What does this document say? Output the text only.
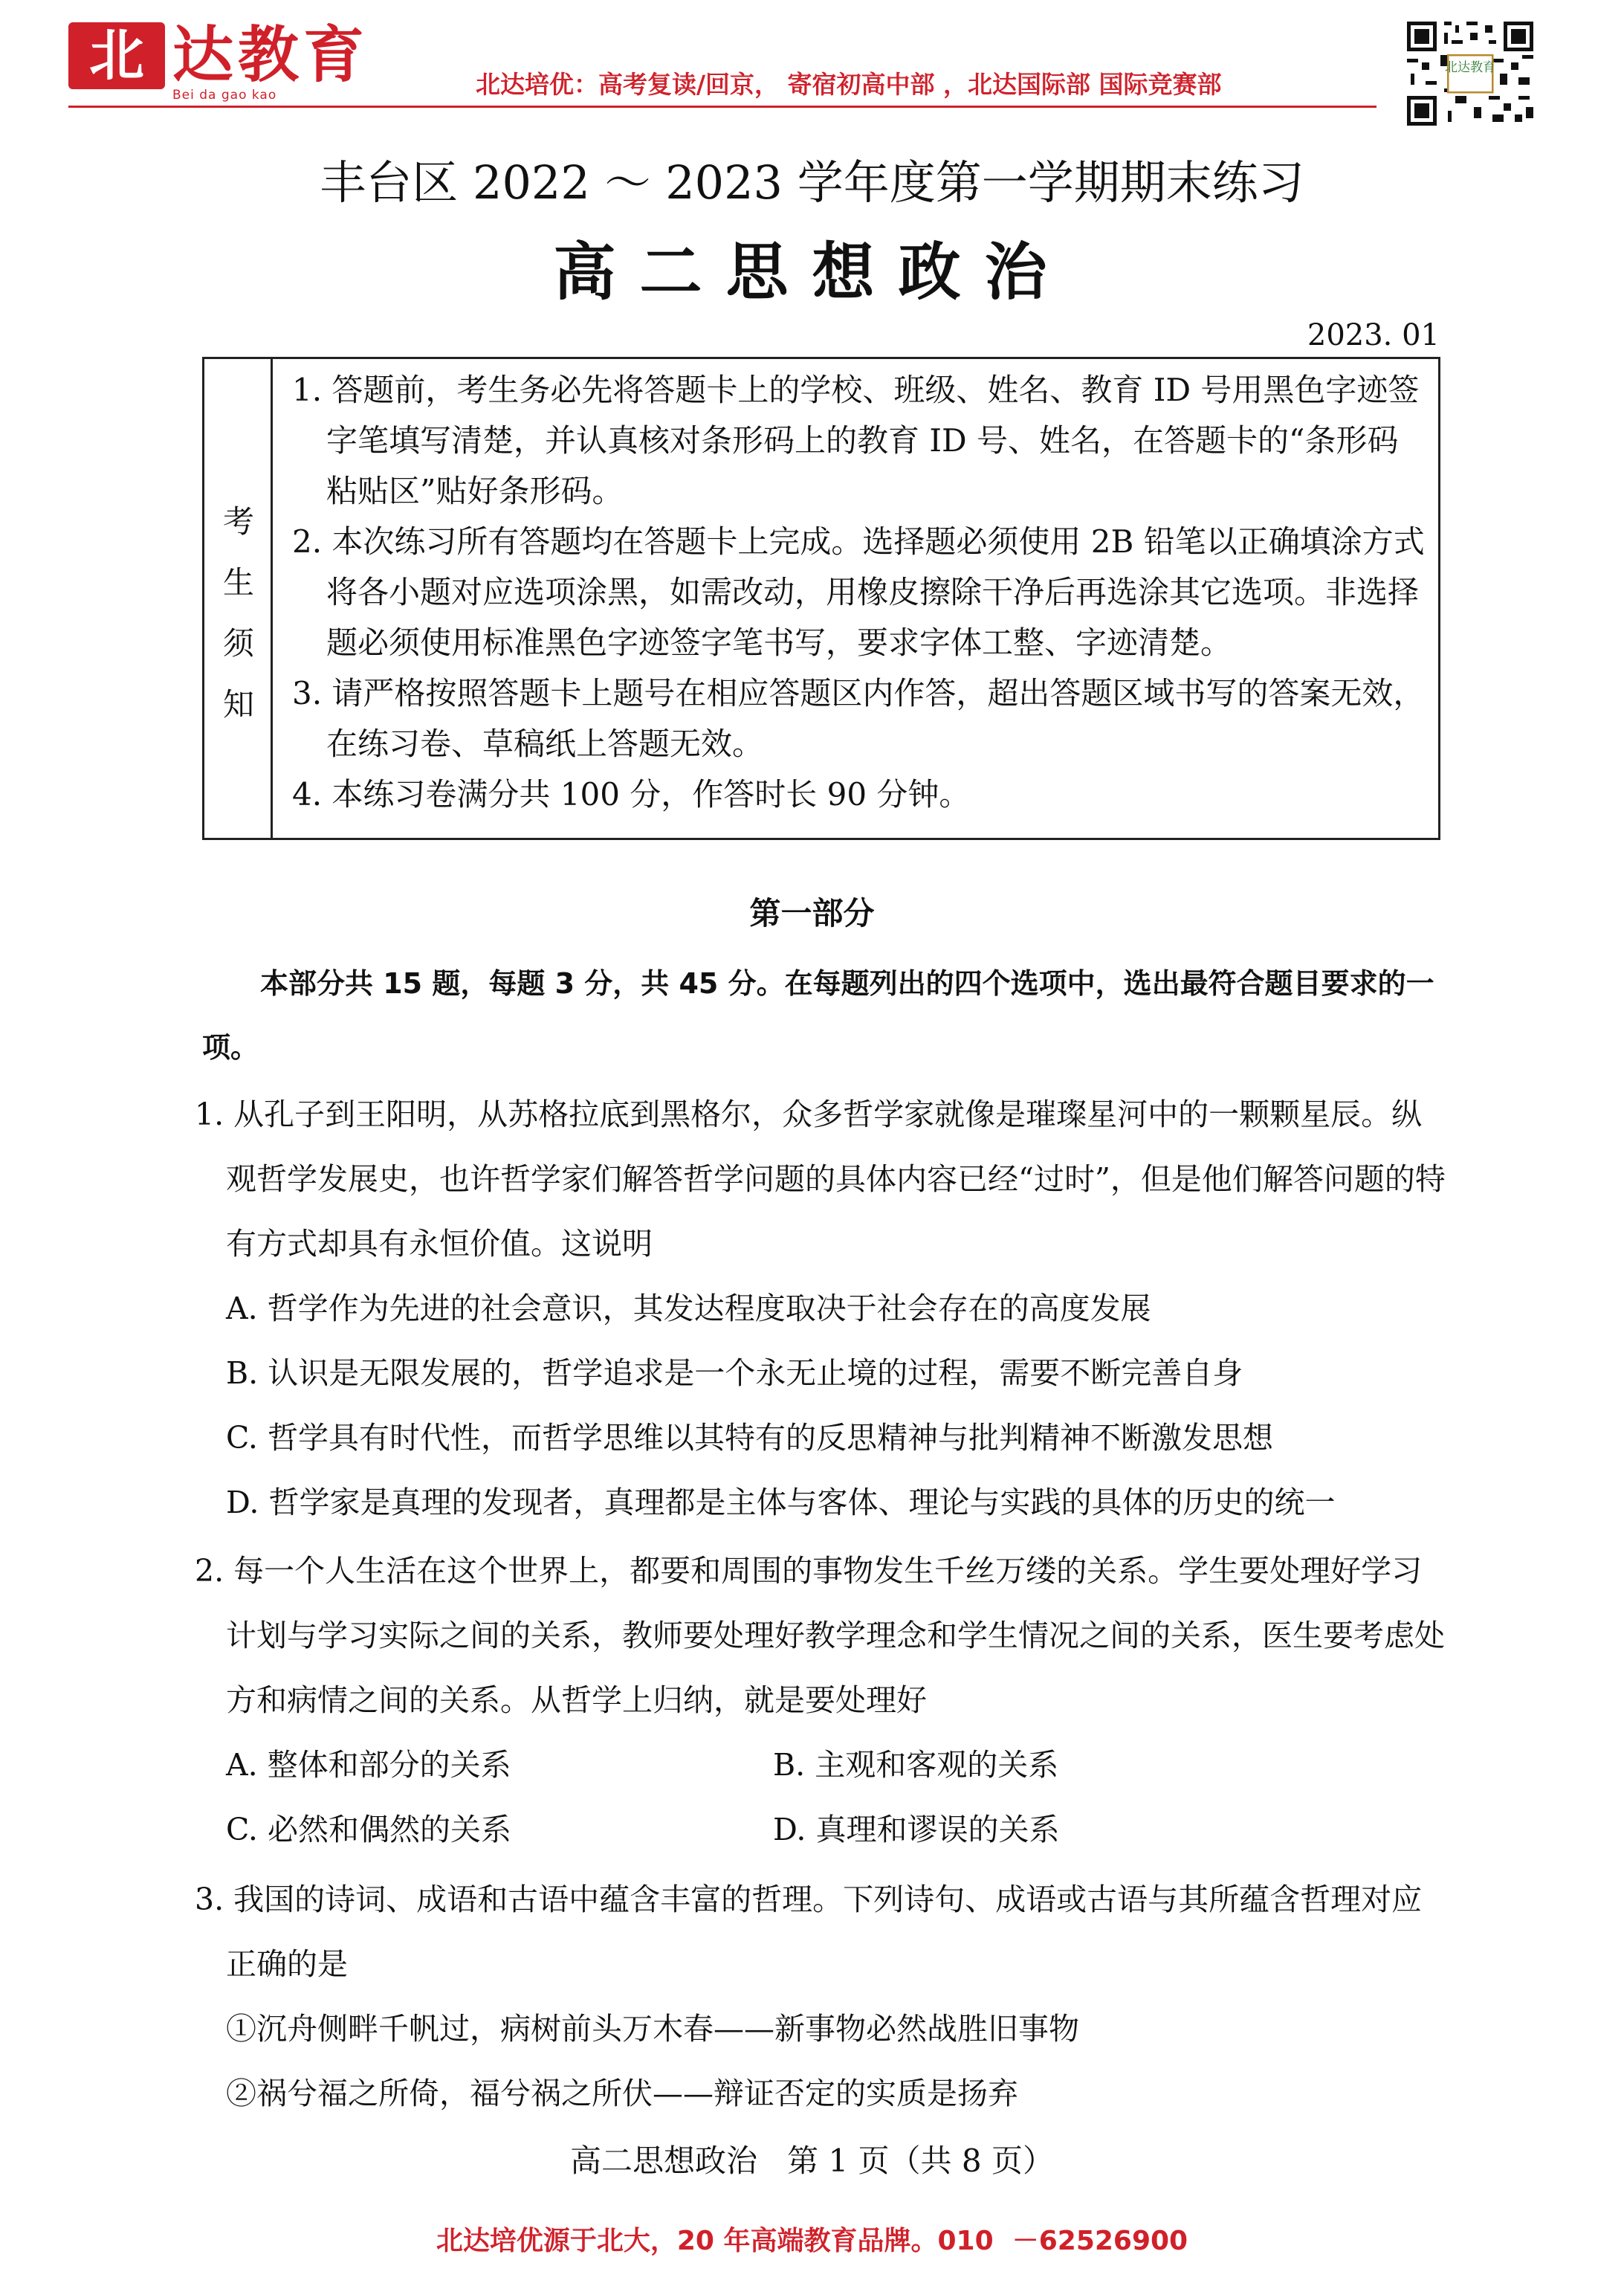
北 达教育
Bei da gao kao	北达培优：高考复读/回京， 寄宿初高中部 ，北达国际部 国际竞赛部
北达教育
丰台区 2022 ～ 2023 学年度第一学期期末练习
高二思想政治
2023. 01
考
生
须
知
1. 答题前，考生务必先将答题卡上的学校、班级、姓名、教育 ID 号用黑色字迹签字笔填写清楚，并认真核对条形码上的教育 ID 号、姓名，在答题卡的“条形码粘贴区”贴好条形码。
2. 本次练习所有答题均在答题卡上完成。选择题必须使用 2B 铅笔以正确填涂方式将各小题对应选项涂黑，如需改动，用橡皮擦除干净后再选涂其它选项。非选择题必须使用标准黑色字迹签字笔书写，要求字体工整、字迹清楚。
3. 请严格按照答题卡上题号在相应答题区内作答，超出答题区域书写的答案无效，在练习卷、草稿纸上答题无效。
4. 本练习卷满分共 100 分，作答时长 90 分钟。
第一部分
本部分共 15 题，每题 3 分，共 45 分。在每题列出的四个选项中，选出最符合题目要求的一项。
1. 从孔子到王阳明，从苏格拉底到黑格尔，众多哲学家就像是璀璨星河中的一颗颗星辰。纵观哲学发展史，也许哲学家们解答哲学问题的具体内容已经“过时”，但是他们解答问题的特有方式却具有永恒价值。这说明
A. 哲学作为先进的社会意识，其发达程度取决于社会存在的高度发展
B. 认识是无限发展的，哲学追求是一个永无止境的过程，需要不断完善自身
C. 哲学具有时代性，而哲学思维以其特有的反思精神与批判精神不断激发思想
D. 哲学家是真理的发现者，真理都是主体与客体、理论与实践的具体的历史的统一
2. 每一个人生活在这个世界上，都要和周围的事物发生千丝万缕的关系。学生要处理好学习计划与学习实际之间的关系，教师要处理好教学理念和学生情况之间的关系，医生要考虑处方和病情之间的关系。从哲学上归纳，就是要处理好
A. 整体和部分的关系	B. 主观和客观的关系
C. 必然和偶然的关系	D. 真理和谬误的关系
3. 我国的诗词、成语和古语中蕴含丰富的哲理。下列诗句、成语或古语与其所蕴含哲理对应正确的是
①沉舟侧畔千帆过，病树前头万木春——新事物必然战胜旧事物
②祸兮福之所倚，福兮祸之所伏——辩证否定的实质是扬弃
高二思想政治   第 1 页（共 8 页）
北达培优源于北大，20 年高端教育品牌。010  －62526900
